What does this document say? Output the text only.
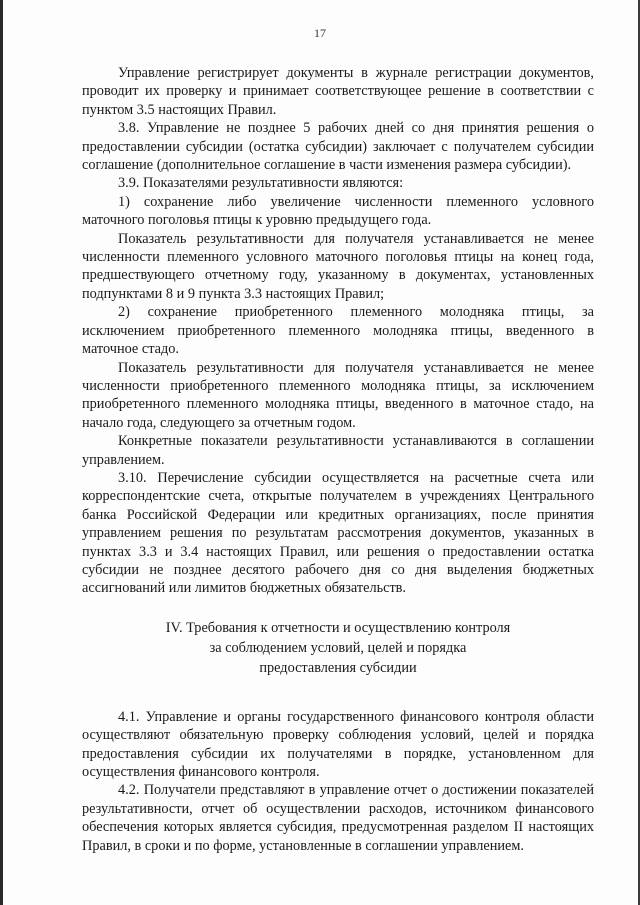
17

Управление регистрирует документы в журнале регистрации документов, проводит их проверку и принимает соответствующее решение в соответствии с пунктом 3.5 настоящих Правил.

3.8. Управление не позднее 5 рабочих дней со дня принятия решения о предоставлении субсидии (остатка субсидии) заключает с получателем субсидии соглашение (дополнительное соглашение в части изменения размера субсидии).

3.9. Показателями результативности являются:

1) сохранение либо увеличение численности племенного условного маточного поголовья птицы к уровню предыдущего года.

Показатель результативности для получателя устанавливается не менее численности племенного условного маточного поголовья птицы на конец года, предшествующего отчетному году, указанному в документах, установленных подпунктами 8 и 9 пункта 3.3 настоящих Правил;

2) сохранение приобретенного племенного молодняка птицы, за исключением приобретенного племенного молодняка птицы, введенного в маточное стадо.

Показатель результативности для получателя устанавливается не менее численности приобретенного племенного молодняка птицы, за исключением приобретенного племенного молодняка птицы, введенного в маточное стадо, на начало года, следующего за отчетным годом.

Конкретные показатели результативности устанавливаются в соглашении управлением.

3.10. Перечисление субсидии осуществляется на расчетные счета или корреспондентские счета, открытые получателем в учреждениях Центрального банка Российской Федерации или кредитных организациях, после принятия управлением решения по результатам рассмотрения документов, указанных в пунктах 3.3 и 3.4 настоящих Правил, или решения о предоставлении остатка субсидии не позднее десятого рабочего дня со дня выделения бюджетных ассигнований или лимитов бюджетных обязательств.

IV. Требования к отчетности и осуществлению контроля
за соблюдением условий, целей и порядка
предоставления субсидии

4.1. Управление и органы государственного финансового контроля области осуществляют обязательную проверку соблюдения условий, целей и порядка предоставления субсидии их получателями в порядке, установленном для осуществления финансового контроля.

4.2. Получатели представляют в управление отчет о достижении показателей результативности, отчет об осуществлении расходов, источником финансового обеспечения которых является субсидия, предусмотренная разделом II настоящих Правил, в сроки и по форме, установленные в соглашении управлением.
